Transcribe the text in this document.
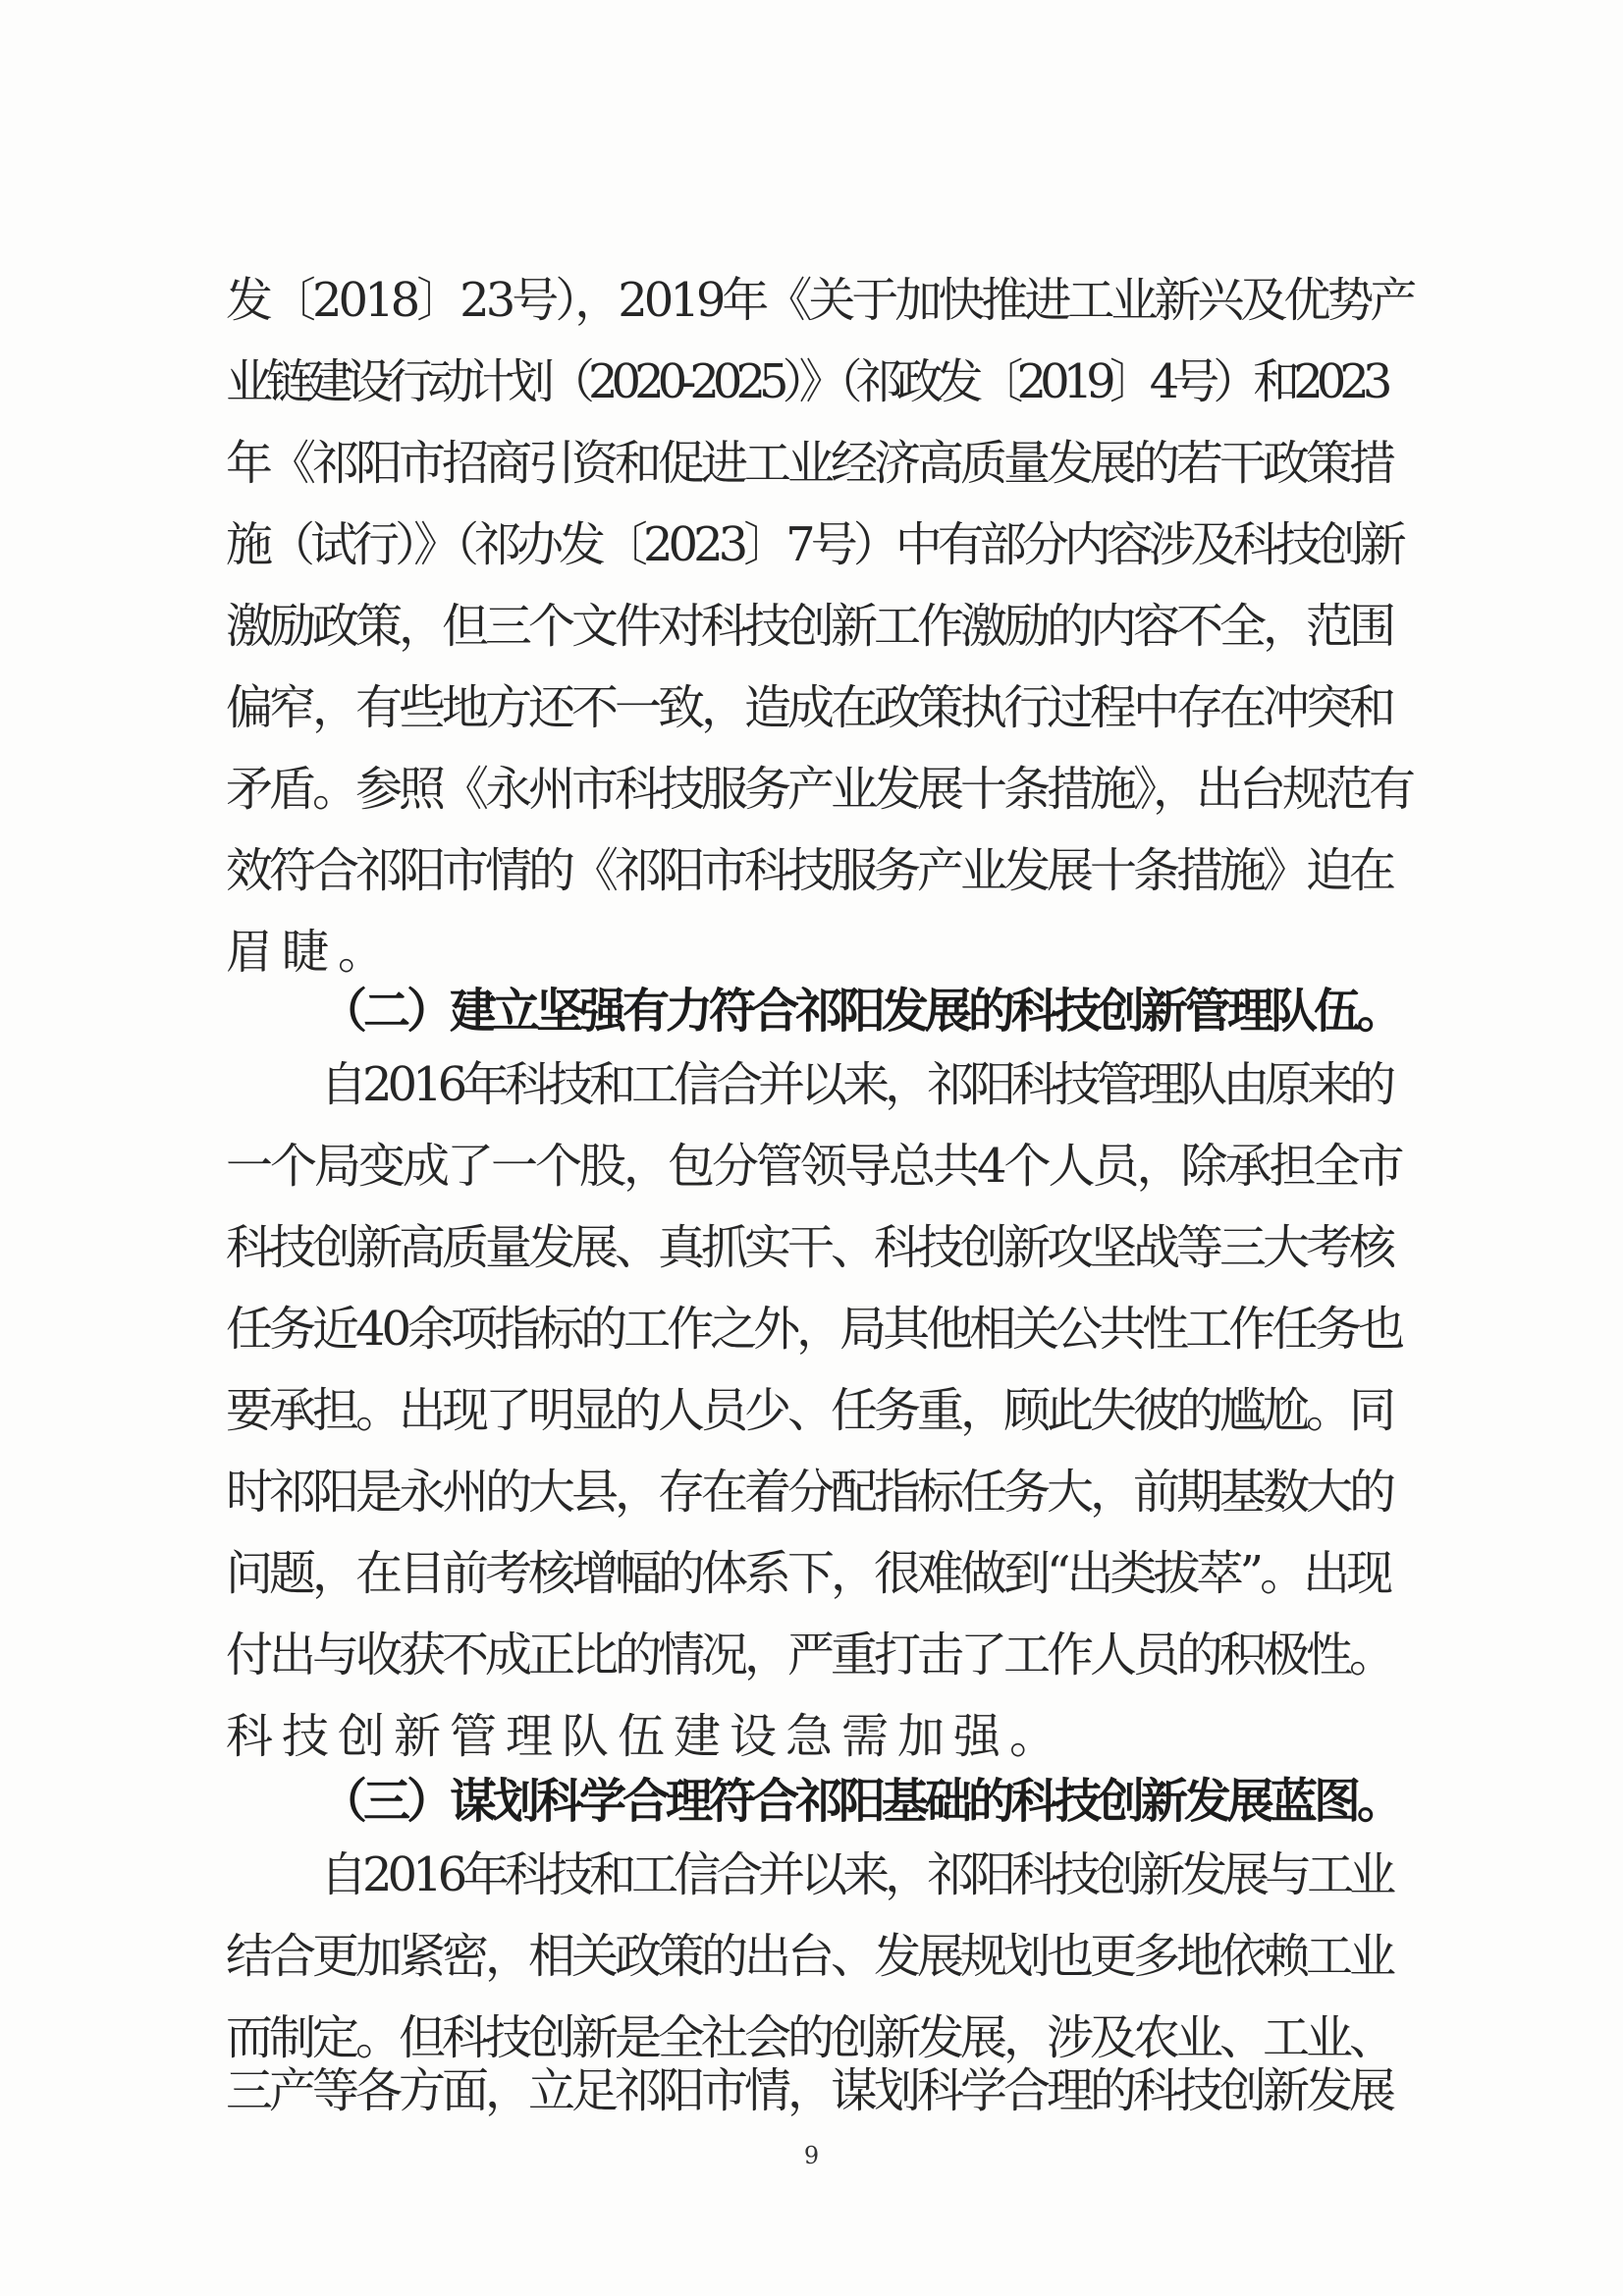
发〔2018〕23号），2019年《关于加快推进工业新兴及优势产
业链建设行动计划（2020-2025）》（祁政发〔2019〕4号）和2023
年《祁阳市招商引资和促进工业经济高质量发展的若干政策措
施（试行）》（祁办发〔2023〕7号）中有部分内容涉及科技创新
激励政策，但三个文件对科技创新工作激励的内容不全，范围
偏窄，有些地方还不一致，造成在政策执行过程中存在冲突和
矛盾。参照《永州市科技服务产业发展十条措施》，出台规范有
效符合祁阳市情的《祁阳市科技服务产业发展十条措施》迫在
眉睫。
（二）建立坚强有力符合祁阳发展的科技创新管理队伍。
自2016年科技和工信合并以来，祁阳科技管理队由原来的
一个局变成了一个股，包分管领导总共4个人员，除承担全市
科技创新高质量发展、真抓实干、科技创新攻坚战等三大考核
任务近40余项指标的工作之外，局其他相关公共性工作任务也
要承担。出现了明显的人员少、任务重，顾此失彼的尴尬。同
时祁阳是永州的大县，存在着分配指标任务大，前期基数大的
问题，在目前考核增幅的体系下，很难做到“出类拔萃”。出现
付出与收获不成正比的情况，严重打击了工作人员的积极性。
科技创新管理队伍建设急需加强。
（三）谋划科学合理符合祁阳基础的科技创新发展蓝图。
自2016年科技和工信合并以来，祁阳科技创新发展与工业
结合更加紧密，相关政策的出台、发展规划也更多地依赖工业
而制定。但科技创新是全社会的创新发展，涉及农业、工业、
三产等各方面，立足祁阳市情，谋划科学合理的科技创新发展
9
